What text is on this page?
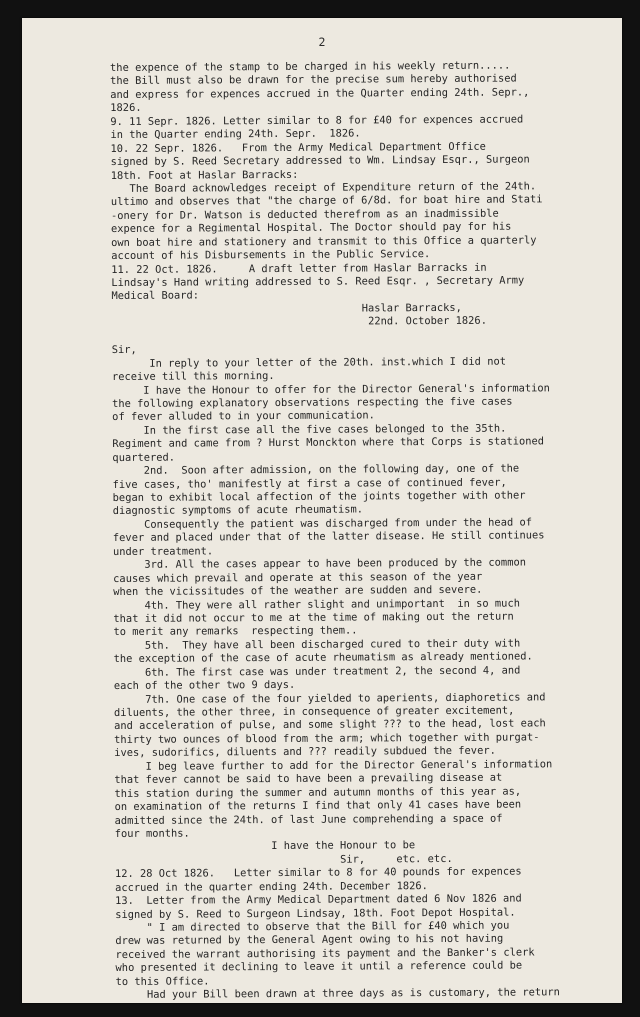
2
the expence of the stamp to be charged in his weekly return.....
the Bill must also be drawn for the precise sum hereby authorised
and express for expences accrued in the Quarter ending 24th. Sepr.,
1826.
9. 11 Sepr. 1826. Letter similar to 8 for £40 for expences accrued
in the Quarter ending 24th. Sepr.  1826.
10. 22 Sepr. 1826.   From the Army Medical Department Office
signed by S. Reed Secretary addressed to Wm. Lindsay Esqr., Surgeon
18th. Foot at Haslar Barracks:
The Board acknowledges receipt of Expenditure return of the 24th.
ultimo and observes that "the charge of 6/8d. for boat hire and Stati
-onery for Dr. Watson is deducted therefrom as an inadmissible
expence for a Regimental Hospital. The Doctor should pay for his
own boat hire and stationery and transmit to this Office a quarterly
account of his Disbursements in the Public Service.
11. 22 Oct. 1826.     A draft letter from Haslar Barracks in
Lindsay's Hand writing addressed to S. Reed Esqr. , Secretary Army
Medical Board:
Haslar Barracks,
22nd. October 1826.
Sir,
In reply to your letter of the 20th. inst.which I did not
receive till this morning.
I have the Honour to offer for the Director General's information
the following explanatory observations respecting the five cases
of fever alluded to in your communication.
In the first case all the five cases belonged to the 35th.
Regiment and came from ? Hurst Monckton where that Corps is stationed
quartered.
2nd.  Soon after admission, on the following day, one of the
five cases, tho' manifestly at first a case of continued fever,
began to exhibit local affection of the joints together with other
diagnostic symptoms of acute rheumatism.
Consequently the patient was discharged from under the head of
fever and placed under that of the latter disease. He still continues
under treatment.
3rd. All the cases appear to have been produced by the common
causes which prevail and operate at this season of the year
when the vicissitudes of the weather are sudden and severe.
4th. They were all rather slight and unimportant  in so much
that it did not occur to me at the time of making out the return
to merit any remarks  respecting them..
5th.  They have all been discharged cured to their duty with
the exception of the case of acute rheumatism as already mentioned.
6th. The first case was under treatment 2, the second 4, and
each of the other two 9 days.
7th. One case of the four yielded to aperients, diaphoretics and
diluents, the other three, in consequence of greater excitement,
and acceleration of pulse, and some slight ??? to the head, lost each
thirty two ounces of blood from the arm; which together with purgat-
ives, sudorifics, diluents and ??? readily subdued the fever.
I beg leave further to add for the Director General's information
that fever cannot be said to have been a prevailing disease at
this station during the summer and autumn months of this year as,
on examination of the returns I find that only 41 cases have been
admitted since the 24th. of last June comprehending a space of
four months.
I have the Honour to be
Sir,     etc. etc.
12. 28 Oct 1826.   Letter similar to 8 for 40 pounds for expences
accrued in the quarter ending 24th. December 1826.
13.  Letter from the Army Medical Department dated 6 Nov 1826 and
signed by S. Reed to Surgeon Lindsay, 18th. Foot Depot Hospital.
" I am directed to observe that the Bill for £40 which you
drew was returned by the General Agent owing to his not having
received the warrant authorising its payment and the Banker's clerk
who presented it declining to leave it until a reference could be
to this Office.
Had your Bill been drawn at three days as is customary, the return
